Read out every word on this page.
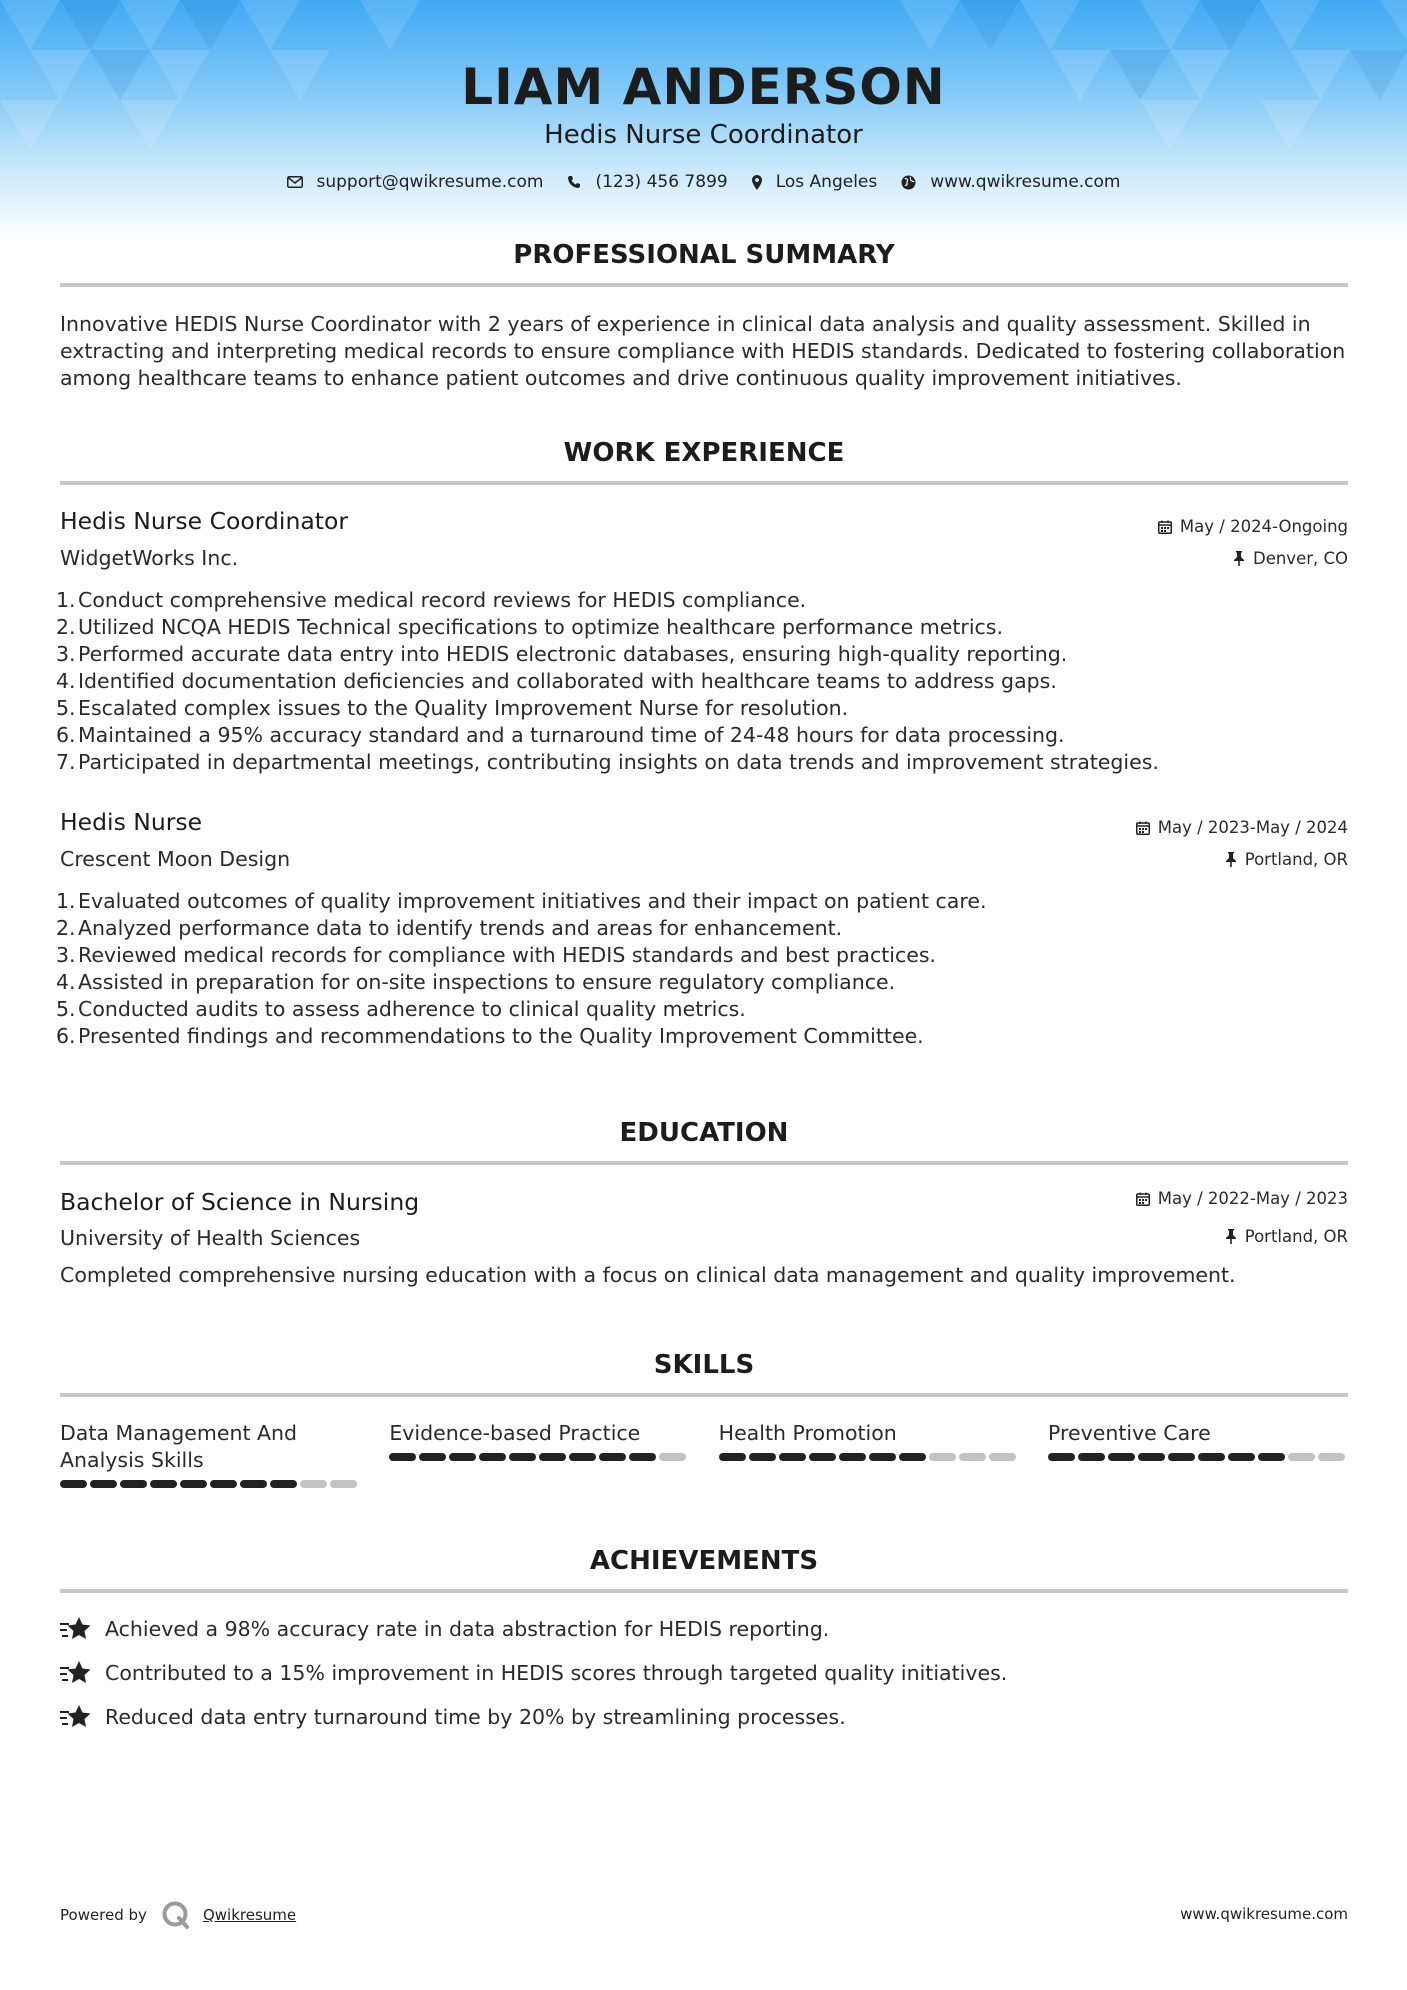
LIAM ANDERSON
Hedis Nurse Coordinator
support@qwikresume.com	(123) 456 7899	Los Angeles	www.qwikresume.com
PROFESSIONAL SUMMARY
Innovative HEDIS Nurse Coordinator with 2 years of experience in clinical data analysis and quality assessment. Skilled in extracting and interpreting medical records to ensure compliance with HEDIS standards. Dedicated to fostering collaboration among healthcare teams to enhance patient outcomes and drive continuous quality improvement initiatives.
WORK EXPERIENCE
Hedis Nurse Coordinator	May / 2024-Ongoing
WidgetWorks Inc.	Denver, CO
1. Conduct comprehensive medical record reviews for HEDIS compliance.
2. Utilized NCQA HEDIS Technical specifications to optimize healthcare performance metrics.
3. Performed accurate data entry into HEDIS electronic databases, ensuring high-quality reporting.
4. Identified documentation deficiencies and collaborated with healthcare teams to address gaps.
5. Escalated complex issues to the Quality Improvement Nurse for resolution.
6. Maintained a 95% accuracy standard and a turnaround time of 24-48 hours for data processing.
7. Participated in departmental meetings, contributing insights on data trends and improvement strategies.
Hedis Nurse	May / 2023-May / 2024
Crescent Moon Design	Portland, OR
1. Evaluated outcomes of quality improvement initiatives and their impact on patient care.
2. Analyzed performance data to identify trends and areas for enhancement.
3. Reviewed medical records for compliance with HEDIS standards and best practices.
4. Assisted in preparation for on-site inspections to ensure regulatory compliance.
5. Conducted audits to assess adherence to clinical quality metrics.
6. Presented findings and recommendations to the Quality Improvement Committee.
EDUCATION
Bachelor of Science in Nursing	May / 2022-May / 2023
University of Health Sciences	Portland, OR
Completed comprehensive nursing education with a focus on clinical data management and quality improvement.
SKILLS
Data Management And Analysis Skills
Evidence-based Practice	Health Promotion	Preventive Care
ACHIEVEMENTS
Achieved a 98% accuracy rate in data abstraction for HEDIS reporting.
Contributed to a 15% improvement in HEDIS scores through targeted quality initiatives.
Reduced data entry turnaround time by 20% by streamlining processes.
Powered by	Qwikresume	www.qwikresume.com
